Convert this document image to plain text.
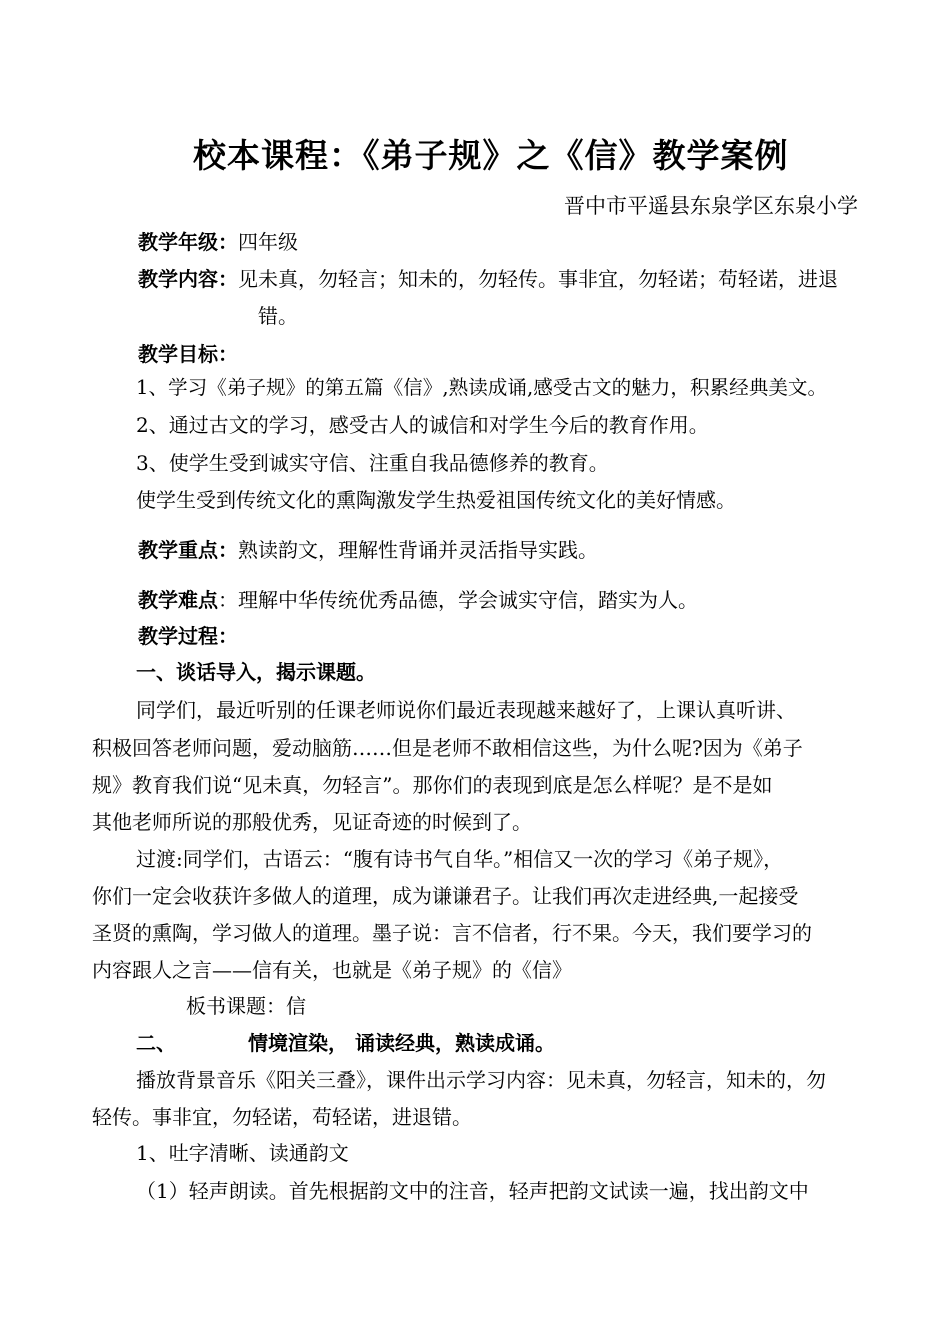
校本课程：《弟子规》之《信》教学案例
晋中市平遥县东泉学区东泉小学
教学年级：四年级
教学内容：见未真，勿轻言；知未的，勿轻传。事非宜，勿轻诺；苟轻诺，进退
错。
教学目标：
1、学习《弟子规》的第五篇《信》,熟读成诵,感受古文的魅力，积累经典美文。
2、通过古文的学习，感受古人的诚信和对学生今后的教育作用。
3、使学生受到诚实守信、注重自我品德修养的教育。
使学生受到传统文化的熏陶激发学生热爱祖国传统文化的美好情感。
教学重点：熟读韵文，理解性背诵并灵活指导实践。
教学难点：理解中华传统优秀品德，学会诚实守信，踏实为人。
教学过程：
一、谈话导入，揭示课题。
同学们，最近听别的任课老师说你们最近表现越来越好了，上课认真听讲、
积极回答老师问题，爱动脑筋……但是老师不敢相信这些，为什么呢?因为《弟子
规》教育我们说“见未真，勿轻言”。那你们的表现到底是怎么样呢？是不是如
其他老师所说的那般优秀，见证奇迹的时候到了。
过渡:同学们，古语云：“腹有诗书气自华。”相信又一次的学习《弟子规》，
你们一定会收获许多做人的道理，成为谦谦君子。让我们再次走进经典,一起接受
圣贤的熏陶，学习做人的道理。墨子说：言不信者，行不果。今天，我们要学习的
内容跟人之言——信有关，也就是《弟子规》的《信》
板书课题：信
二、	情境渲染， 诵读经典，熟读成诵。
播放背景音乐《阳关三叠》，课件出示学习内容：见未真，勿轻言，知未的，勿
轻传。事非宜，勿轻诺，苟轻诺，进退错。
1、吐字清晰、读通韵文
（1）轻声朗读。首先根据韵文中的注音，轻声把韵文试读一遍，找出韵文中
